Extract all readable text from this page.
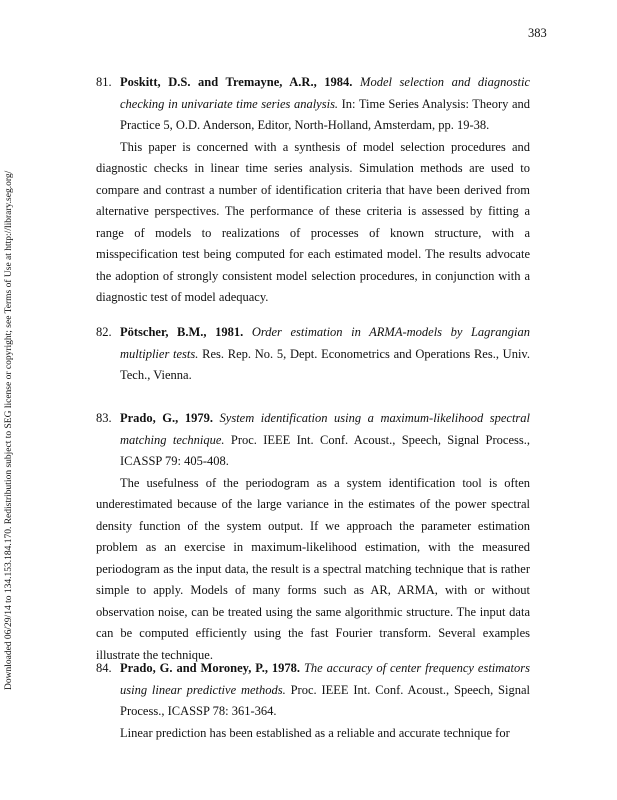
383
Downloaded 06/29/14 to 134.153.184.170. Redistribution subject to SEG license or copyright; see Terms of Use at http://library.seg.org/

81. Poskitt, D.S. and Tremayne, A.R., 1984. Model selection and diagnostic checking in univariate time series analysis. In: Time Series Analysis: Theory and Practice 5, O.D. Anderson, Editor, North-Holland, Amsterdam, pp. 19-38.

This paper is concerned with a synthesis of model selection procedures and diagnostic checks in linear time series analysis. Simulation methods are used to compare and contrast a number of identification criteria that have been derived from alternative perspectives. The performance of these criteria is assessed by fitting a range of models to realizations of processes of known structure, with a misspecification test being computed for each estimated model. The results advocate the adoption of strongly consistent model selection procedures, in conjunction with a diagnostic test of model adequacy.

82. Pötscher, B.M., 1981. Order estimation in ARMA-models by Lagrangian multiplier tests. Res. Rep. No. 5, Dept. Econometrics and Operations Res., Univ. Tech., Vienna.

83. Prado, G., 1979. System identification using a maximum-likelihood spectral matching technique. Proc. IEEE Int. Conf. Acoust., Speech, Signal Process., ICASSP 79: 405-408.

The usefulness of the periodogram as a system identification tool is often underestimated because of the large variance in the estimates of the power spectral density function of the system output. If we approach the parameter estimation problem as an exercise in maximum-likelihood estimation, with the measured periodogram as the input data, the result is a spectral matching technique that is rather simple to apply. Models of many forms such as AR, ARMA, with or without observation noise, can be treated using the same algorithmic structure. The input data can be computed efficiently using the fast Fourier transform. Several examples illustrate the technique.

84. Prado, G. and Moroney, P., 1978. The accuracy of center frequency estimators using linear predictive methods. Proc. IEEE Int. Conf. Acoust., Speech, Signal Process., ICASSP 78: 361-364.

Linear prediction has been established as a reliable and accurate technique for
